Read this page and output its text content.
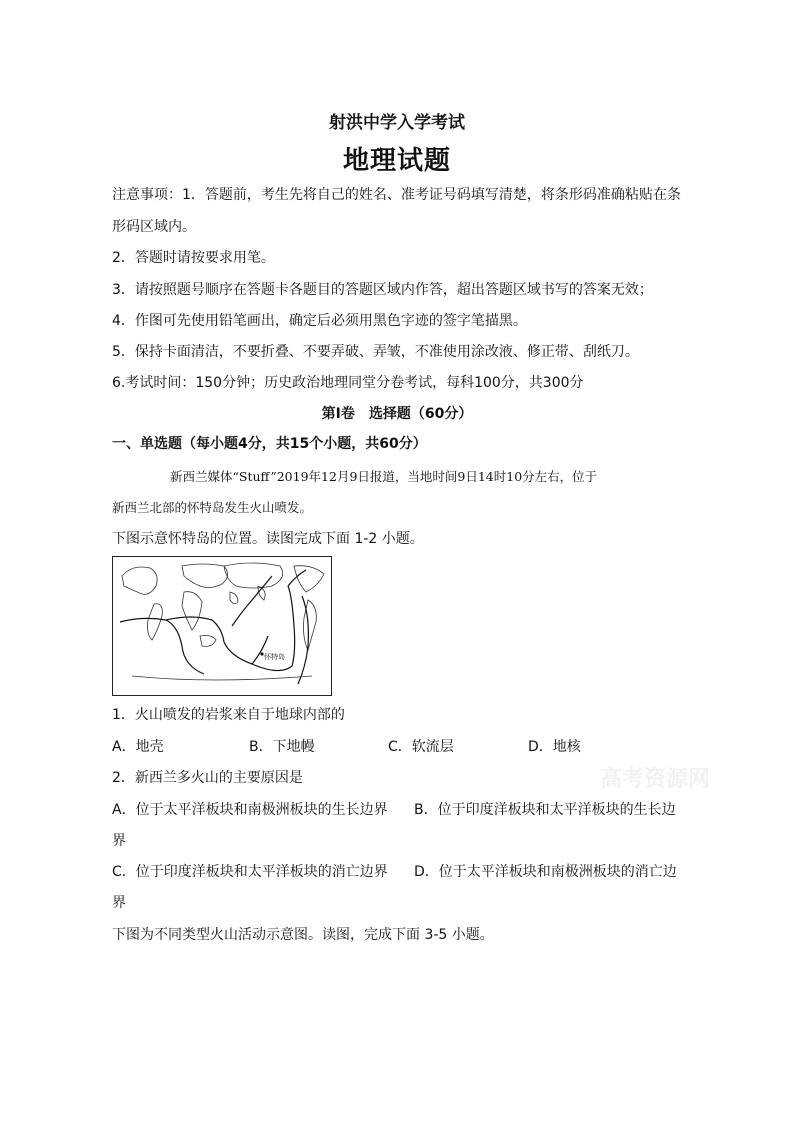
射洪中学入学考试
地理试题
注意事项：1．答题前，考生先将自己的姓名、准考证号码填写清楚，将条形码准确粘贴在条
形码区域内。
2．答题时请按要求用笔。
3．请按照题号顺序在答题卡各题目的答题区域内作答，超出答题区域书写的答案无效；
4．作图可先使用铅笔画出，确定后必须用黑色字迹的签字笔描黑。
5．保持卡面清洁，不要折叠、不要弄破、弄皱，不准使用涂改液、修正带、刮纸刀。
6.考试时间：150分钟；历史政治地理同堂分卷考试，每科100分，共300分
第Ⅰ卷　选择题（60分）
一、单选题（每小题4分，共15个小题，共60分）
新西兰媒体“Stuff”2019年12月9日报道，当地时间9日14时10分左右，位于
新西兰北部的怀特岛发生火山喷发。
下图示意怀特岛的位置。读图完成下面 1-2 小题。
怀特岛
1．火山喷发的岩浆来自于地球内部的
A．地壳	B．下地幔	C．软流层	D．地核
2．新西兰多火山的主要原因是
A．位于太平洋板块和南极洲板块的生长边界 B．位于印度洋板块和太平洋板块的生长边
界
C．位于印度洋板块和太平洋板块的消亡边界 D．位于太平洋板块和南极洲板块的消亡边
界
下图为不同类型火山活动示意图。读图，完成下面 3-5 小题。
高考资源网
